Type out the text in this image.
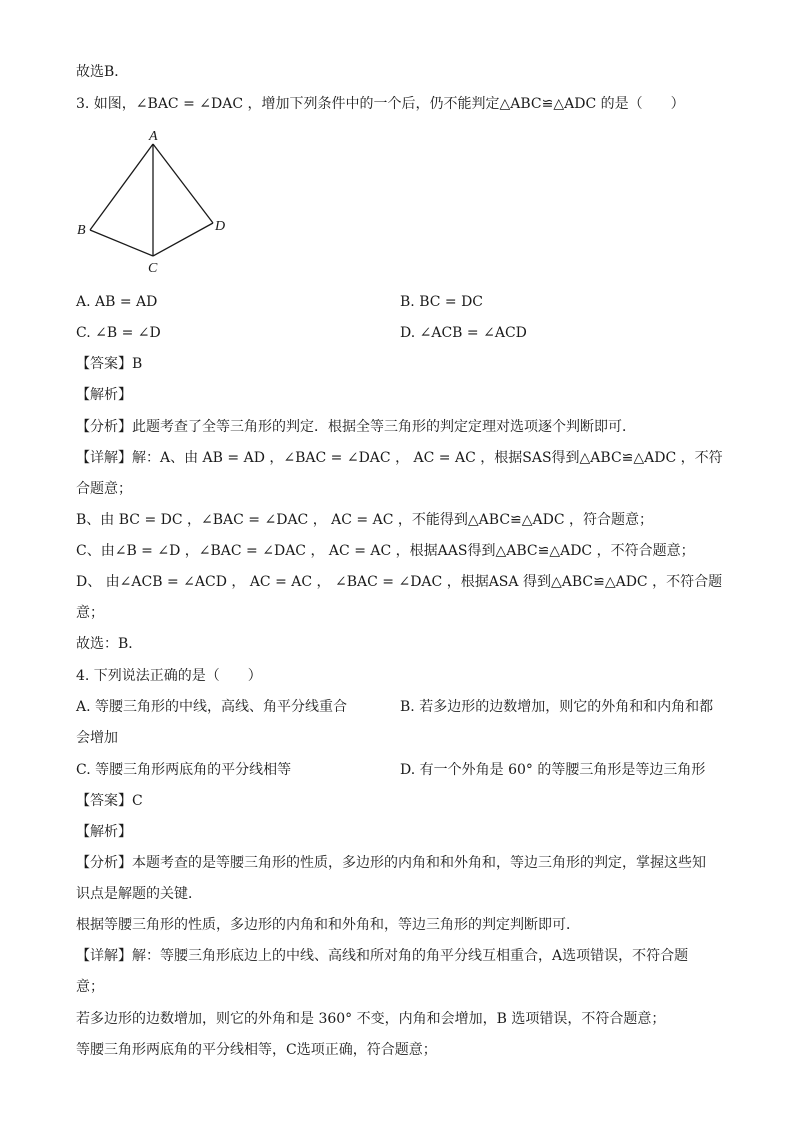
故选B．
3. 如图，∠BAC = ∠DAC ，增加下列条件中的一个后，仍不能判定△ABC≌△ADC 的是（　　）
A
B
C
D
A. AB = AD	B. BC = DC
C. ∠B = ∠D	D. ∠ACB = ∠ACD
【答案】B
【解析】
【分析】此题考查了全等三角形的判定．根据全等三角形的判定定理对选项逐个判断即可．
【详解】解：A、由 AB = AD ，∠BAC = ∠DAC ， AC = AC ，根据SAS得到△ABC≌△ADC ，不符
合题意；
B、由 BC = DC ，∠BAC = ∠DAC ， AC = AC ，不能得到△ABC≌△ADC ，符合题意；
C、由∠B = ∠D ，∠BAC = ∠DAC ， AC = AC ，根据AAS得到△ABC≌△ADC ，不符合题意；
D、 由∠ACB = ∠ACD ， AC = AC ， ∠BAC = ∠DAC ，根据ASA 得到△ABC≌△ADC ，不符合题
意；
故选：B．
4. 下列说法正确的是（　　）
A. 等腰三角形的中线，高线、角平分线重合	B. 若多边形的边数增加，则它的外角和和内角和都
会增加
C. 等腰三角形两底角的平分线相等	D. 有一个外角是 60° 的等腰三角形是等边三角形
【答案】C
【解析】
【分析】本题考查的是等腰三角形的性质，多边形的内角和和外角和，等边三角形的判定，掌握这些知
识点是解题的关键．
根据等腰三角形的性质，多边形的内角和和外角和，等边三角形的判定判断即可．
【详解】解：等腰三角形底边上的中线、高线和所对角的角平分线互相重合，A选项错误，不符合题
意；
若多边形的边数增加，则它的外角和是 360° 不变，内角和会增加，B 选项错误，不符合题意；
等腰三角形两底角的平分线相等，C选项正确，符合题意；
